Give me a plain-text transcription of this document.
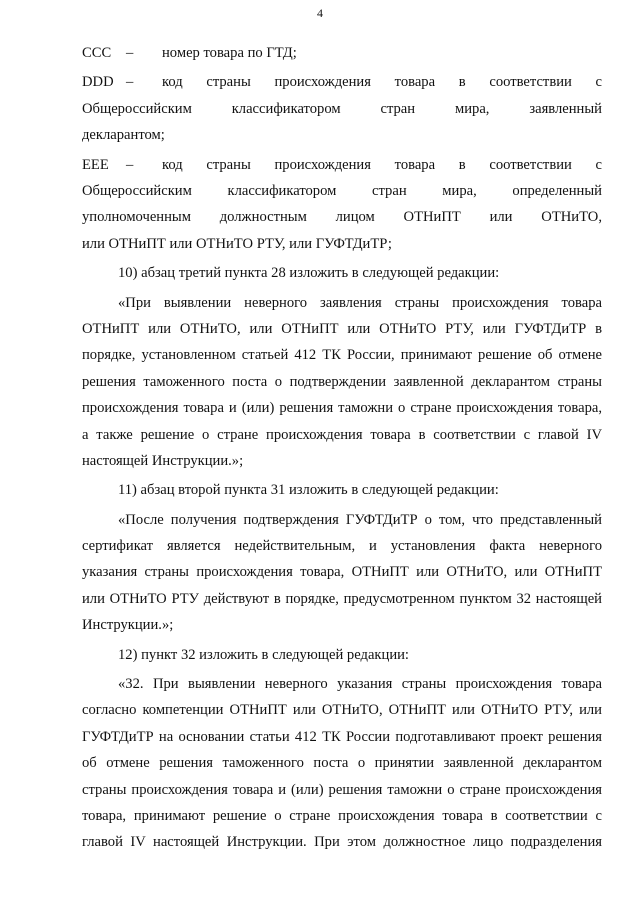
4
CCC	–	номер товара по ГТД;
DDD –	код страны происхождения товара в соответствии с
Общероссийским классификатором стран мира, заявленный
декларантом;
EEE	–	код страны происхождения товара в соответствии с
Общероссийским классификатором стран мира, определенный
уполномоченным должностным лицом ОТНиПТ или ОТНиТО,
или ОТНиПТ или ОТНиТО РТУ, или ГУФТДиТР;
10) абзац третий пункта 28 изложить в следующей редакции:
«При выявлении неверного заявления страны происхождения товара
ОТНиПТ или ОТНиТО, или ОТНиПТ или ОТНиТО РТУ, или ГУФТДиТР в
порядке, установленном статьей 412 ТК России, принимают решение об отмене
решения таможенного поста о подтверждении заявленной декларантом страны
происхождения товара и (или) решения таможни о стране происхождения товара,
а также решение о стране происхождения товара в соответствии с главой IV
настоящей Инструкции.»;
11) абзац второй пункта 31 изложить в следующей редакции:
«После получения подтверждения ГУФТДиТР о том, что представленный
сертификат является недействительным, и установления факта неверного
указания страны происхождения товара, ОТНиПТ или ОТНиТО, или ОТНиПТ
или ОТНиТО РТУ действуют в порядке, предусмотренном пунктом 32 настоящей
Инструкции.»;
12) пункт 32 изложить в следующей редакции:
«32. При выявлении неверного указания страны происхождения товара
согласно компетенции ОТНиПТ или ОТНиТО, ОТНиПТ или ОТНиТО РТУ, или
ГУФТДиТР на основании статьи 412 ТК России подготавливают проект решения
об отмене решения таможенного поста о принятии заявленной декларантом
страны происхождения товара и (или) решения таможни о стране происхождения
товара, принимают решение о стране происхождения товара в соответствии с
главой IV настоящей Инструкции. При этом должностное лицо подразделения
